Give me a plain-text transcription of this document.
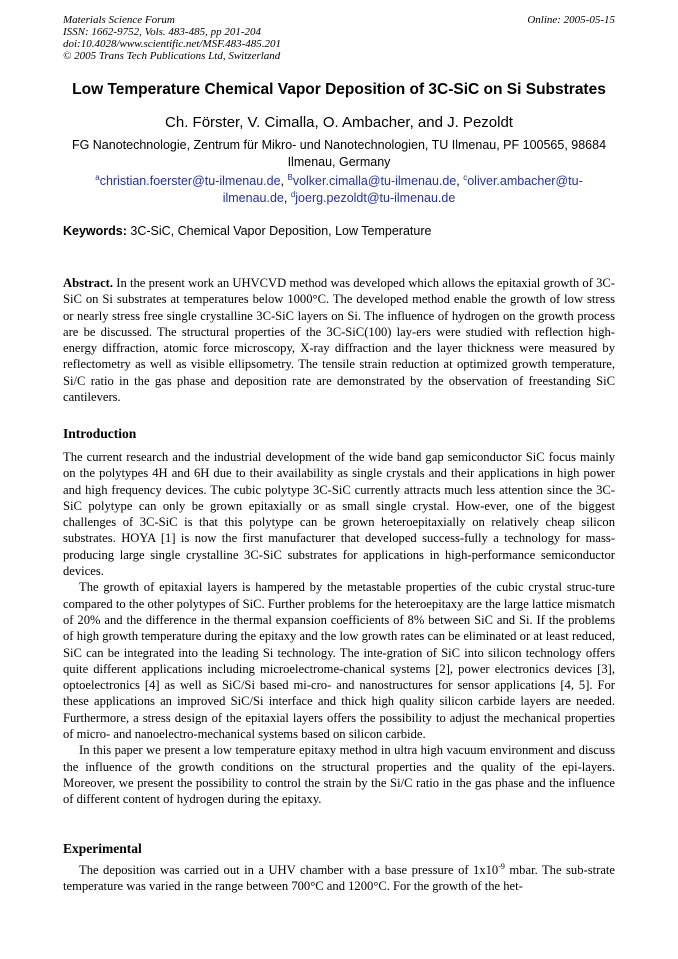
Materials Science Forum
ISSN: 1662-9752, Vols. 483-485, pp 201-204
doi:10.4028/www.scientific.net/MSF.483-485.201
© 2005 Trans Tech Publications Ltd, Switzerland
Online: 2005-05-15
Low Temperature Chemical Vapor Deposition of 3C-SiC on Si Substrates
Ch. Förster, V. Cimalla, O. Ambacher, and J. Pezoldt
FG Nanotechnologie, Zentrum für Mikro- und Nanotechnologien, TU Ilmenau, PF 100565, 98684 Ilmenau, Germany
$^a$christian.foerster@tu-ilmenau.de, $^B$volker.cimalla@tu-ilmenau.de, $^c$oliver.ambacher@tu-ilmenau.de, $^d$joerg.pezoldt@tu-ilmenau.de
Keywords: 3C-SiC, Chemical Vapor Deposition, Low Temperature

Abstract. In the present work an UHVCVD method was developed which allows the epitaxial growth of 3C-SiC on Si substrates at temperatures below 1000°C. The developed method enable the growth of low stress or nearly stress free single crystalline 3C-SiC layers on Si. The influence of hydrogen on the growth process are be discussed. The structural properties of the 3C-SiC(100) lay-ers were studied with reflection high-energy diffraction, atomic force microscopy, X-ray diffraction and the layer thickness were measured by reflectometry as well as visible ellipsometry. The tensile strain reduction at optimized growth temperature, Si/C ratio in the gas phase and deposition rate are demonstrated by the observation of freestanding SiC cantilevers.

Introduction

The current research and the industrial development of the wide band gap semiconductor SiC focus mainly on the polytypes 4H and 6H due to their availability as single crystals and their applications in high power and high frequency devices. The cubic polytype 3C-SiC currently attracts much less attention since the 3C-SiC polytype can only be grown epitaxially or as small single crystal. How-ever, one of the biggest challenges of 3C-SiC is that this polytype can be grown heteroepitaxially on relatively cheap silicon substrates. HOYA [1] is now the first manufacturer that developed success-fully a technology for mass-producing large single crystalline 3C-SiC substrates for applications in high-performance semiconductor devices.

The growth of epitaxial layers is hampered by the metastable properties of the cubic crystal struc-ture compared to the other polytypes of SiC. Further problems for the heteroepitaxy are the large lattice mismatch of 20% and the difference in the thermal expansion coefficients of 8% between SiC and Si. If the problems of high growth temperature during the epitaxy and the low growth rates can be eliminated or at least reduced, SiC can be integrated into the leading Si technology. The inte-gration of SiC into silicon technology offers quite different applications including microelectrome-chanical systems [2], power electronics devices [3], optoelectronics [4] as well as SiC/Si based mi-cro- and nanostructures for sensor applications [4, 5]. For these applications an improved SiC/Si interface and thick high quality silicon carbide layers are needed. Furthermore, a stress design of the epitaxial layers offers the possibility to adjust the mechanical properties of micro- and nanoelectro-mechanical systems based on silicon carbide.

In this paper we present a low temperature epitaxy method in ultra high vacuum environment and discuss the influence of the growth conditions on the structural properties and the quality of the epi-layers. Moreover, we present the possibility to control the strain by the Si/C ratio in the gas phase and the influence of different content of hydrogen during the epitaxy.

Experimental

The deposition was carried out in a UHV chamber with a base pressure of $1x10^{-9}$ mbar. The sub-strate temperature was varied in the range between 700°C and 1200°C. For the growth of the het-
